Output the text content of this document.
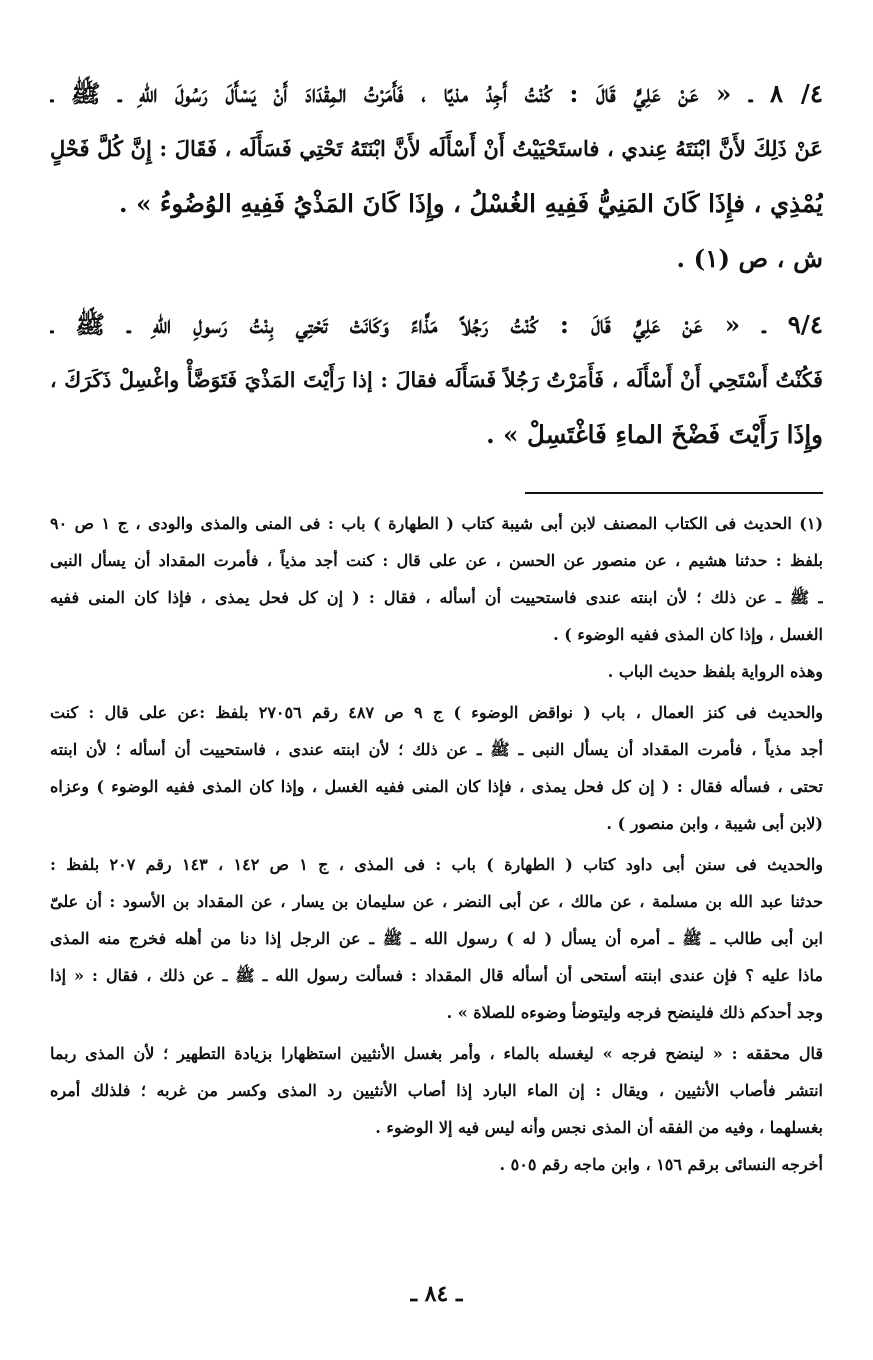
٤/ ٨ ـ « عَنْ عَلِيٍّ قَالَ : كُنْتُ أَجِدُ مذيًا ، فَأَمَرْتُ المِقْدَادَ أَنْ يَسْأَلَ رَسُولَ اللهِ ـ ﷺ ـ
عَنْ ذَلِكَ لأَنَّ ابْنَتَهُ عِندي ، فاستَحْيَيْتُ أَنْ أَسْأَلَه لأَنَّ ابْنَتَهُ تَحْتِي فَسَأَلَه ، فَقَالَ : إِنَّ كُلَّ فَحْلٍ
يُمْذِي ، فإِذَا كَانَ المَنِيُّ فَفِيهِ الغُسْلُ ، وإِذَا كَانَ المَذْيُ فَفِيهِ الوُضُوءُ » .
ش ، ص (١) .
٩/٤ ـ « عَنْ عَلِيٍّ قَالَ : كُنْتُ رَجُلاً مَذَّاءً وَكَانَتْ تَحْتِي بِنْتُ رَسولِ اللهِ ـ ﷺ ـ
فَكُنْتُ أَسْتَحِي أَنْ أَسْأَلَه ، فَأَمَرْتُ رَجُلاً فَسَأَلَه فقالَ : إذا رَأَيْتَ المَذْيَ فَتَوَضَّأْ واغْسِلْ ذَكَرَكَ ،
وإِذَا رَأَيْتَ فَضْخَ الماءِ فَاغْتَسِلْ » .
(١) الحديث فى الكتاب المصنف لابن أبى شيبة كتاب ( الطهارة ) باب : فى المنى والمذى والودى ، ج ١ ص ٩٠
بلفظ : حدثنا هشيم ، عن منصور عن الحسن ، عن على قال : كنت أجد مذياً ، فأمرت المقداد أن يسأل النبى
ـ ﷺ ـ عن ذلك ؛ لأن ابنته عندى فاستحييت أن أسأله ، فقال : ( إن كل فحل يمذى ، فإذا كان المنى ففيه
الغسل ، وإذا كان المذى ففيه الوضوء ) .
وهذه الرواية بلفظ حديث الباب .
والحديث فى كنز العمال ، باب ( نواقض الوضوء ) ج ٩ ص ٤٨٧ رقم ٢٧٠٥٦ بلفظ :عن على قال : كنت
أجد مذياً ، فأمرت المقداد أن يسأل النبى ـ ﷺ ـ عن ذلك ؛ لأن ابنته عندى ، فاستحييت أن أسأله ؛ لأن ابنته
تحتى ، فسأله فقال : ( إن كل فحل يمذى ، فإذا كان المنى ففيه الغسل ، وإذا كان المذى ففيه الوضوء ) وعزاه
(لابن أبى شيبة ، وابن منصور ) .
والحديث فى سنن أبى داود كتاب ( الطهارة ) باب : فى المذى ، ج ١ ص ١٤٢ ، ١٤٣ رقم ٢٠٧ بلفظ :
حدثنا عبد الله بن مسلمة ، عن مالك ، عن أبى النضر ، عن سليمان بن يسار ، عن المقداد بن الأسود : أن علىّ
ابن أبى طالب ـ ﷺ ـ أمره أن يسأل ( له ) رسول الله ـ ﷺ ـ عن الرجل إذا دنا من أهله فخرج منه المذى
ماذا عليه ؟ فإن عندى ابنته أستحى أن أسأله قال المقداد : فسألت رسول الله ـ ﷺ ـ عن ذلك ، فقال : « إذا
وجد أحدكم ذلك فلينضح فرجه وليتوضأ وضوءه للصلاة » .
قال محققه : « لينضح فرجه » ليغسله بالماء ، وأمر بغسل الأنثيين استظهارا بزيادة التطهير ؛ لأن المذى ربما
انتشر فأصاب الأنثيين ، ويقال : إن الماء البارد إذا أصاب الأنثيين رد المذى وكسر من غربه ؛ فلذلك أمره
بغسلهما ، وفيه من الفقه أن المذى نجس وأنه ليس فيه إلا الوضوء .
أخرجه النسائى برقم ١٥٦ ، وابن ماجه رقم ٥٠٥ .
ـ ٨٤ ـ
